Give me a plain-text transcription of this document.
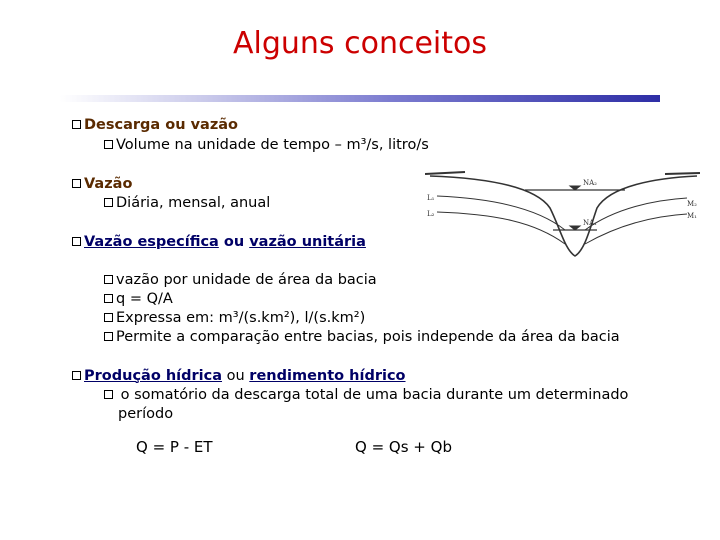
Alguns conceitos
Descarga ou vazão
Volume na unidade de tempo – m³/s, litro/s
Vazão
Diária, mensal, anual
Vazão específica ou vazão unitária
vazão por unidade de área da bacia
q = Q/A
Expressa em: m³/(s.km²), l/(s.km²)
Permite a comparação entre bacias, pois independe da área da bacia
Produção hídrica ou rendimento hídrico
o somatório da descarga total de uma bacia durante um determinado
período
Q = P - ET	Q = Qs + Qb
NA₂
NA₁
L₁
L₂
M₂
M₁
